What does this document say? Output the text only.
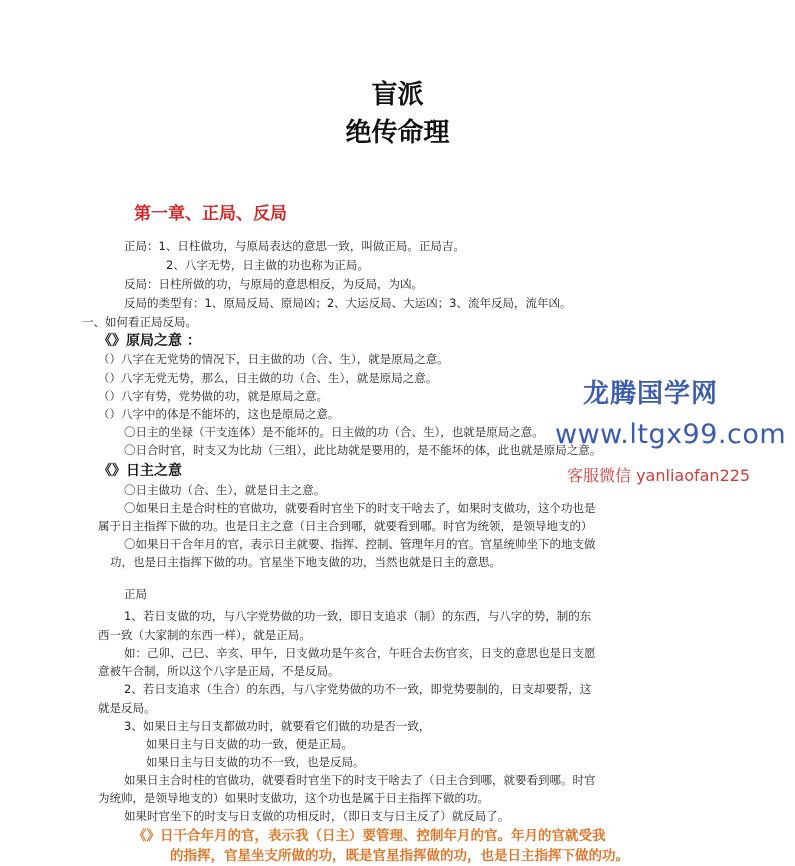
盲派
绝传命理
第一章、正局、反局
正局：1、日柱做功，与原局表达的意思一致，叫做正局。正局吉。
2、八字无势，日主做的功也称为正局。
反局：日柱所做的功，与原局的意思相反，为反局，为凶。
反局的类型有：1、原局反局、原局凶；2、大运反局、大运凶；3、流年反局，流年凶。
一、如何看正局反局。
《》原局之意 ：
（）八字在无党势的情况下，日主做的功（合、生），就是原局之意。
（）八字无党无势，那么，日主做的功（合、生），就是原局之意。
（）八字有势，党势做的功，就是原局之意。
（）八字中的体是不能坏的，这也是原局之意。
〇日主的坐禄（干支连体）是不能坏的。日主做的功（合、生），也就是原局之意。
〇日合时官，时支又为比劫（三组），此比劫就是要用的，是不能坏的体，此也就是原局之意。
《》日主之意
〇日主做功（合、生），就是日主之意。
〇如果日主是合时柱的官做功，就要看时官坐下的时支干啥去了，如果时支做功，这个功也是
属于日主指挥下做的功。也是日主之意（日主合到哪，就要看到哪。时官为统领，是领导地支的）
〇如果日干合年月的官，表示日主就要、指挥、控制、管理年月的官。官星统帅坐下的地支做
功，也是日主指挥下做的功。官星坐下地支做的功，当然也就是日主的意思。
正局
1、若日支做的功，与八字党势做的功一致，即日支追求（制）的东西，与八字的势，制的东
西一致（大家制的东西一样），就是正局。
如：己卯、己巳、辛亥、甲午，日支做功是午亥合，午旺合去伤官亥，日支的意思也是日支愿
意被午合制，所以这个八字是正局，不是反局。
2、若日支追求（生合）的东西，与八字党势做的功不一致，即党势要制的，日支却要帮，这
就是反局。
3、如果日主与日支都做功时，就要看它们做的功是否一致，
如果日主与日支做的功一致，便是正局。
如果日主与日支做的功不一致，也是反局。
如果日主合时柱的官做功，就要看时官坐下的时支干啥去了（日主合到哪，就要看到哪。时官
为统帅，是领导地支的）如果时支做功，这个功也是属于日主指挥下做的功。
如果时官坐下的时支与日支做的功相反时，（即日支与日主反了）就反局了。
《》日干合年月的官，表示我（日主）要管理、控制年月的官。年月的官就受我
的指挥，官星坐支所做的功，既是官星指挥做的功，也是日主指挥下做的功。
龙腾国学网
www.ltgx99.com
客服微信 yanliaofan225
